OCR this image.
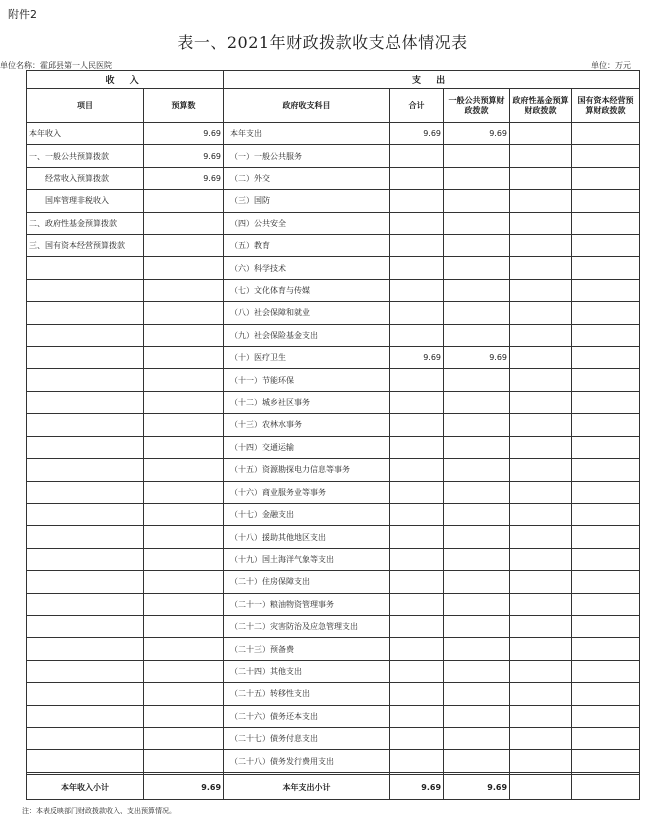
附件2
表一、2021年财政拨款收支总体情况表
单位名称：霍邱县第一人民医院	单位：万元
收 入		支 出				
项目	预算数	政府收支科目	合计	一般公共预算财政拨款	政府性基金预算财政拨款	国有资本经营预算财政拨款
本年收入	9.69	本年支出	9.69	9.69		
一、一般公共预算拨款	9.69	（一）一般公共服务				
经常收入预算拨款	9.69	（二）外交				
国库管理非税收入		（三）国防				
二、政府性基金预算拨款		（四）公共安全				
三、国有资本经营预算拨款		（五）教育				
		（六）科学技术				
		（七）文化体育与传媒				
		（八）社会保障和就业				
		（九）社会保险基金支出				
		（十）医疗卫生	9.69	9.69		
		（十一）节能环保				
		（十二）城乡社区事务				
		（十三）农林水事务				
		（十四）交通运输				
		（十五）资源勘探电力信息等事务				
		（十六）商业服务业等事务				
		（十七）金融支出				
		（十八）援助其他地区支出				
		（十九）国土海洋气象等支出				
		（二十）住房保障支出				
		（二十一）粮油物资管理事务				
		（二十二）灾害防治及应急管理支出				
		（二十三）预备费				
		（二十四）其他支出				
		（二十五）转移性支出				
		（二十六）债务还本支出				
		（二十七）债务付息支出				
		（二十八）债务发行费用支出				

本年收入小计	9.69	本年支出小计	9.69	9.69		
注：本表反映部门财政拨款收入、支出预算情况。
